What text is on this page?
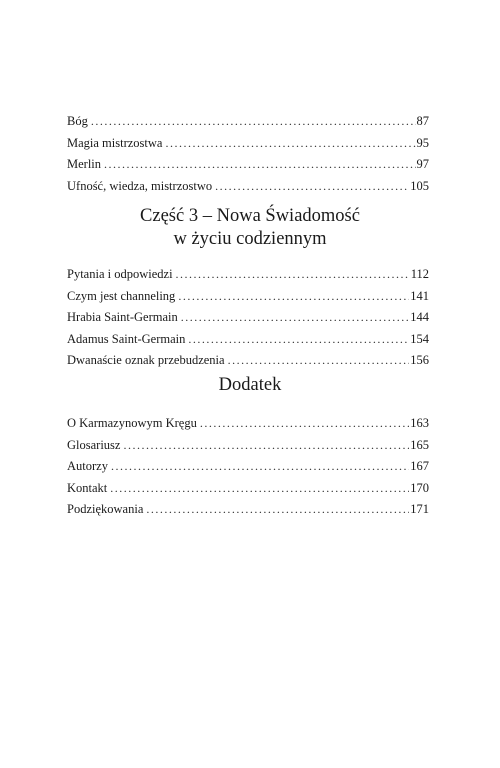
Bóg . . .	87
Magia mistrzostwa . . .	95
Merlin . . .	97
Ufność, wiedza, mistrzostwo . . .	105
Część 3 – Nowa Świadomość
w życiu codziennym
Pytania i odpowiedzi . . .	112
Czym jest channeling . . .	141
Hrabia Saint-Germain . . .	144
Adamus Saint-Germain . . .	154
Dwanaście oznak przebudzenia . . .	156
Dodatek
O Karmazynowym Kręgu . . .	163
Glosariusz . . .	165
Autorzy . . .	167
Kontakt . . .	170
Podziękowania . . .	171
